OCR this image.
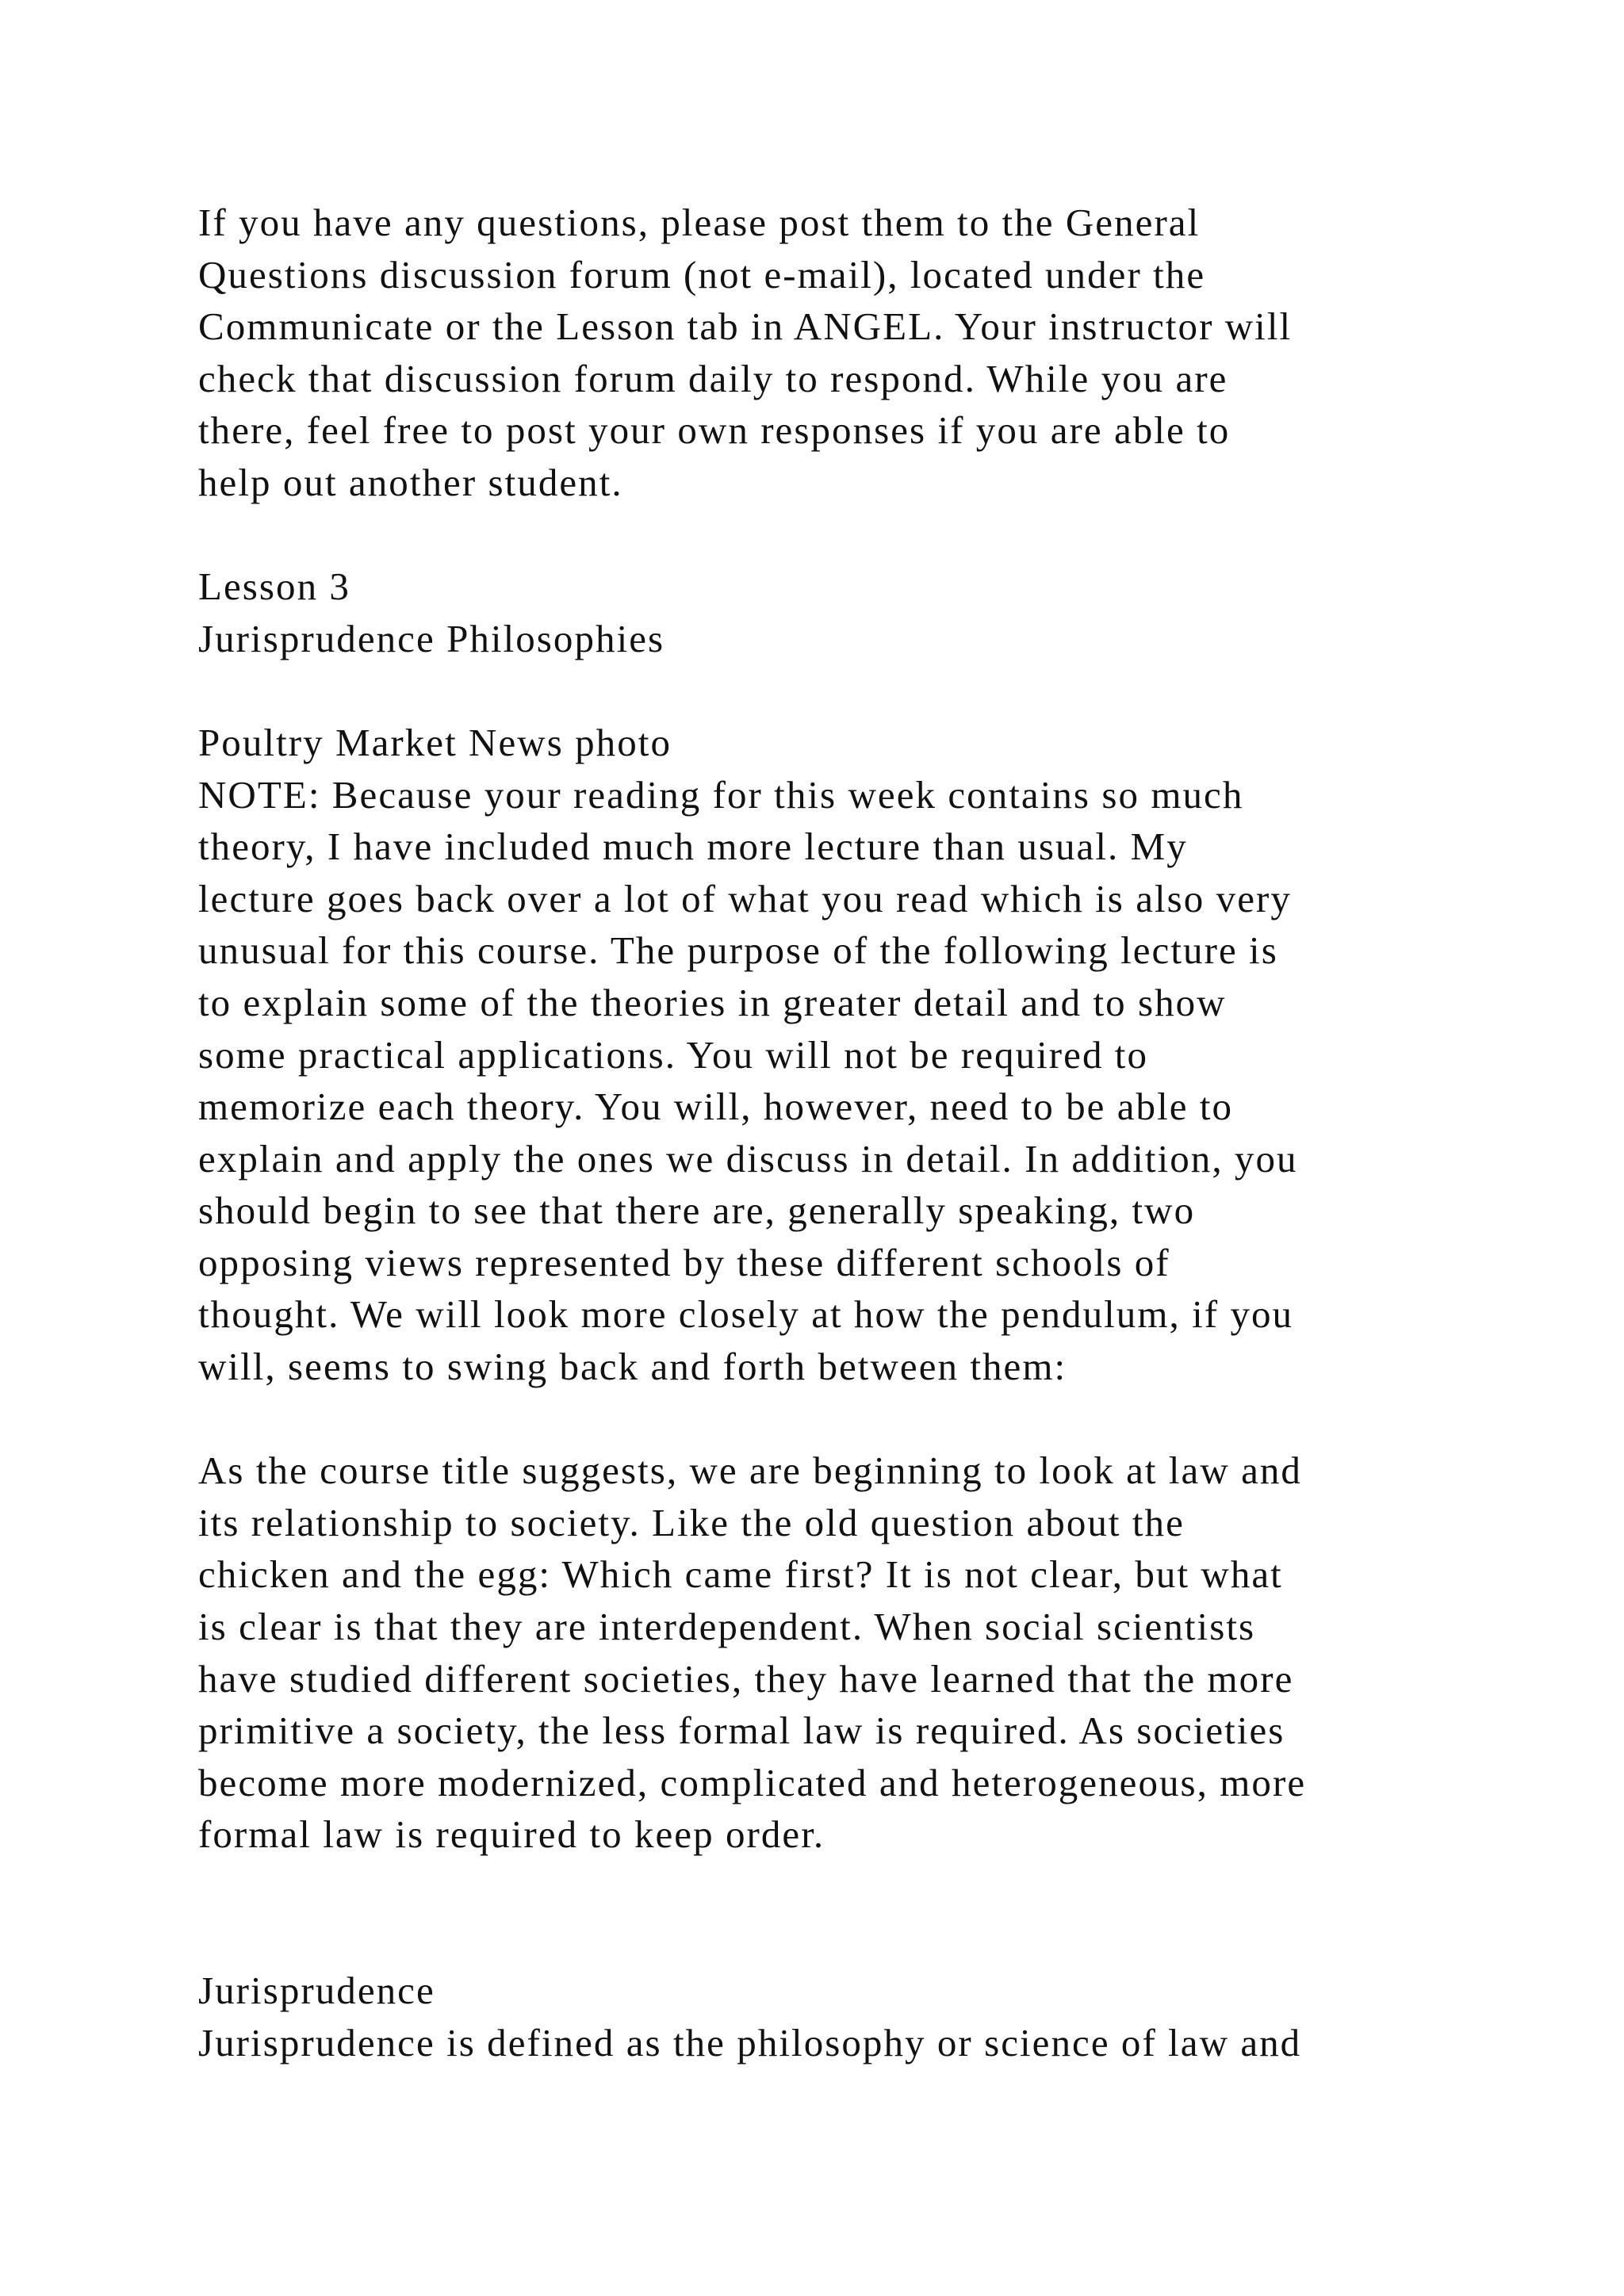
If you have any questions, please post them to the General
Questions discussion forum (not e-mail), located under the
Communicate or the Lesson tab in ANGEL. Your instructor will
check that discussion forum daily to respond. While you are
there, feel free to post your own responses if you are able to
help out another student.
Lesson 3
Jurisprudence Philosophies
Poultry Market News photo
NOTE: Because your reading for this week contains so much
theory, I have included much more lecture than usual. My
lecture goes back over a lot of what you read which is also very
unusual for this course. The purpose of the following lecture is
to explain some of the theories in greater detail and to show
some practical applications. You will not be required to
memorize each theory. You will, however, need to be able to
explain and apply the ones we discuss in detail. In addition, you
should begin to see that there are, generally speaking, two
opposing views represented by these different schools of
thought. We will look more closely at how the pendulum, if you
will, seems to swing back and forth between them:
As the course title suggests, we are beginning to look at law and
its relationship to society. Like the old question about the
chicken and the egg: Which came first? It is not clear, but what
is clear is that they are interdependent. When social scientists
have studied different societies, they have learned that the more
primitive a society, the less formal law is required. As societies
become more modernized, complicated and heterogeneous, more
formal law is required to keep order.
Jurisprudence
Jurisprudence is defined as the philosophy or science of law and
